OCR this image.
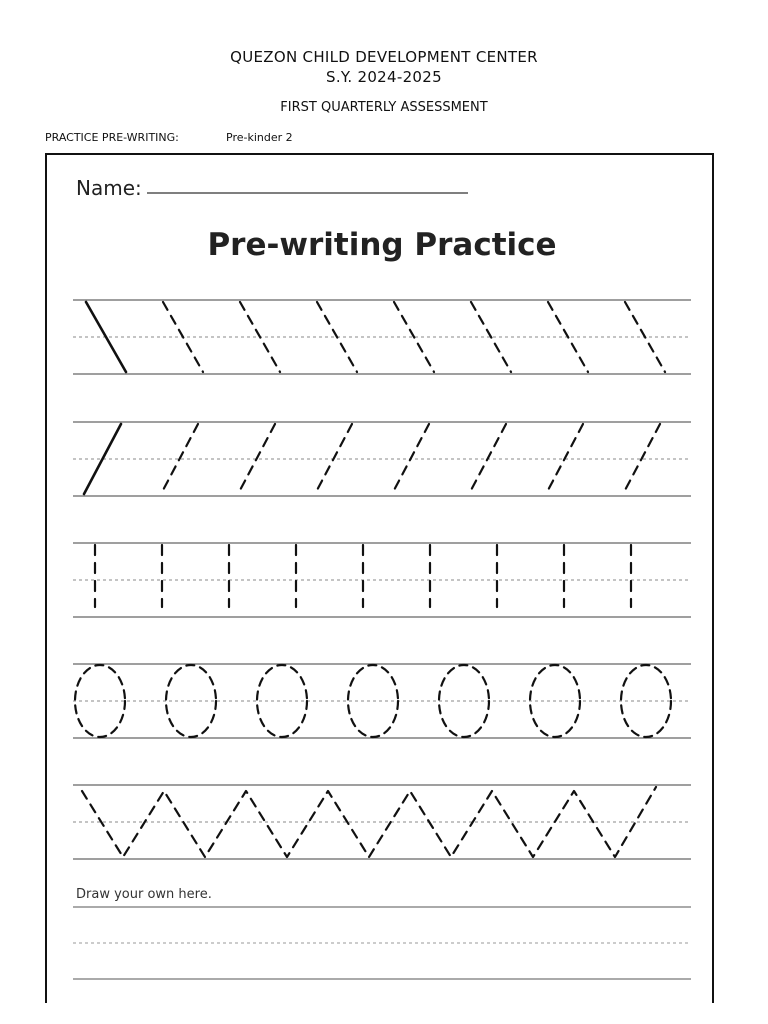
QUEZON CHILD DEVELOPMENT CENTER
S.Y. 2024-2025
FIRST QUARTERLY ASSESSMENT
PRACTICE PRE-WRITING:	Pre-kinder 2
Name:
Pre-writing Practice
Draw your own here.
